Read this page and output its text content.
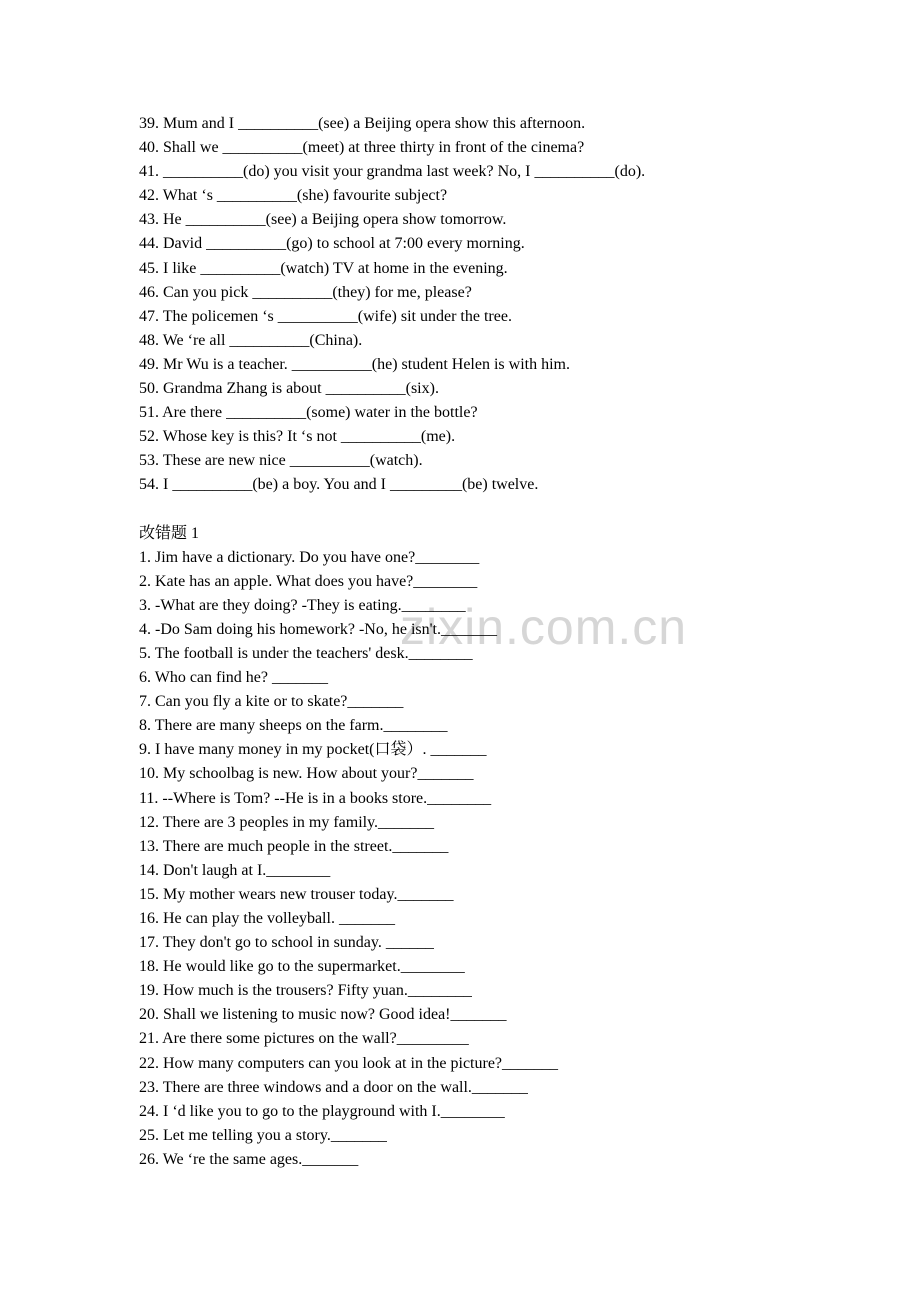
zixin.com.cn
39. Mum and I __________(see) a Beijing opera show this afternoon.
40. Shall we __________(meet) at three thirty in front of the cinema?
41. __________(do) you visit your grandma last week? No, I __________(do).
42. What ‘s __________(she) favourite subject?
43. He __________(see) a Beijing opera show tomorrow.
44. David __________(go) to school at 7:00 every morning.
45. I like __________(watch) TV at home in the evening.
46. Can you pick __________(they) for me, please?
47. The policemen ‘s __________(wife) sit under the tree.
48. We ‘re all __________(China).
49. Mr Wu is a teacher. __________(he) student Helen is with him.
50. Grandma Zhang is about __________(six).
51. Are there __________(some) water in the bottle?
52. Whose key is this? It ‘s not __________(me).
53. These are new nice __________(watch).
54. I __________(be) a boy. You and I _________(be) twelve.
改错题 1
1. Jim have a dictionary. Do you have one?________
2. Kate has an apple. What does you have?________
3. -What are they doing? -They is eating.________
4. -Do Sam doing his homework? -No, he isn't._______
5. The football is under the teachers' desk.________
6. Who can find he? _______
7. Can you fly a kite or to skate?_______
8. There are many sheeps on the farm.________
9. I have many money in my pocket(口袋）. _______
10. My schoolbag is new. How about your?_______
11. --Where is Tom? --He is in a books store.________
12. There are 3 peoples in my family._______
13. There are much people in the street._______
14. Don't laugh at I.________
15. My mother wears new trouser today._______
16. He can play the volleyball. _______
17. They don't go to school in sunday. ______
18. He would like go to the supermarket.________
19. How much is the trousers? Fifty yuan.________
20. Shall we listening to music now? Good idea!_______
21. Are there some pictures on the wall?_________
22. How many computers can you look at in the picture?_______
23. There are three windows and a door on the wall._______
24. I ‘d like you to go to the playground with I.________
25. Let me telling you a story._______
26. We ‘re the same ages._______
